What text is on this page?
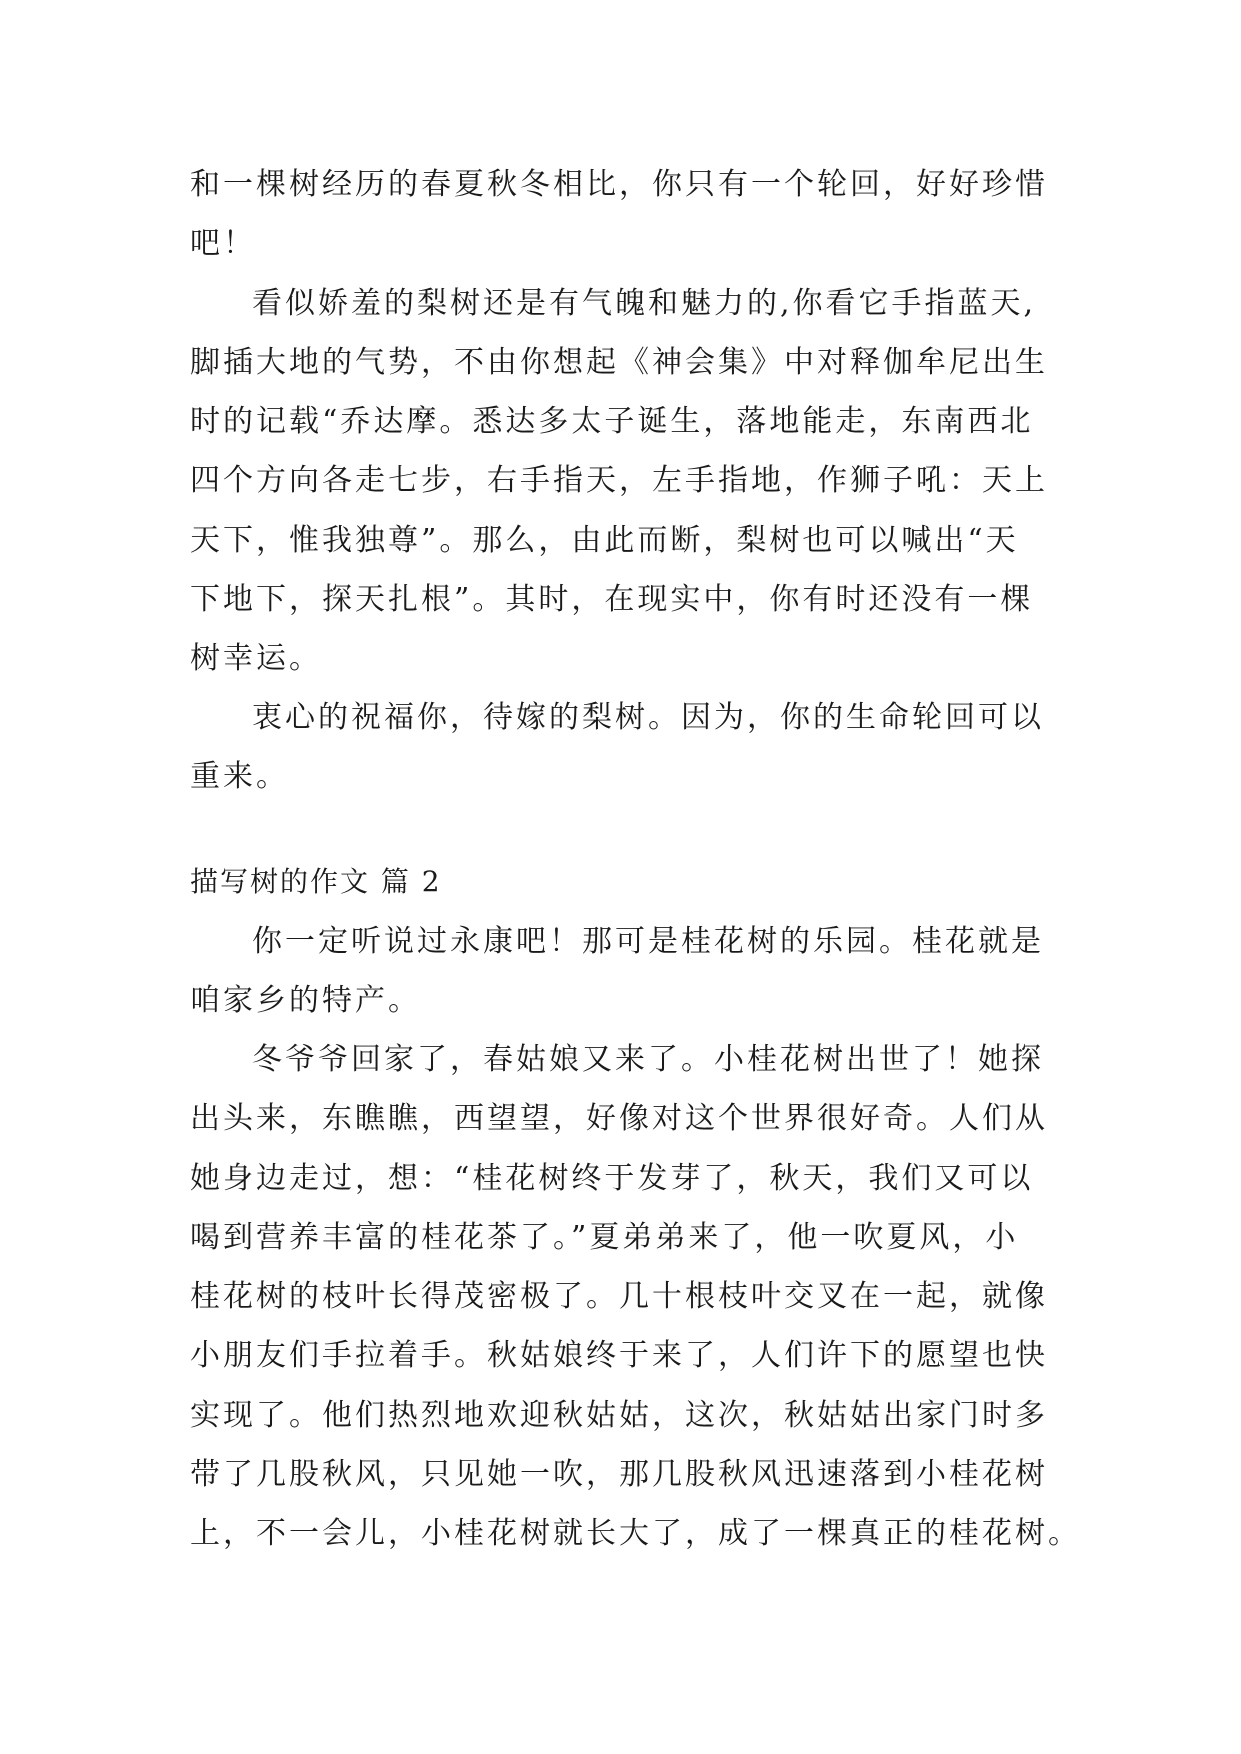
和一棵树经历的春夏秋冬相比，你只有一个轮回，好好珍惜
吧！
看似娇羞的梨树还是有气魄和魅力的,你看它手指蓝天,
脚插大地的气势，不由你想起《神会集》中对释伽牟尼出生
时的记载“乔达摩。悉达多太子诞生，落地能走，东南西北
四个方向各走七步，右手指天，左手指地，作狮子吼：天上
天下，惟我独尊”。那么，由此而断，梨树也可以喊出“天
下地下，探天扎根”。其时，在现实中，你有时还没有一棵
树幸运。
衷心的祝福你，待嫁的梨树。因为，你的生命轮回可以
重来。
描写树的作文 篇 2
你一定听说过永康吧！那可是桂花树的乐园。桂花就是
咱家乡的特产。
冬爷爷回家了，春姑娘又来了。小桂花树出世了！她探
出头来，东瞧瞧，西望望，好像对这个世界很好奇。人们从
她身边走过，想：“桂花树终于发芽了，秋天，我们又可以
喝到营养丰富的桂花茶了。”夏弟弟来了，他一吹夏风，小
桂花树的枝叶长得茂密极了。几十根枝叶交叉在一起，就像
小朋友们手拉着手。秋姑娘终于来了，人们许下的愿望也快
实现了。他们热烈地欢迎秋姑姑，这次，秋姑姑出家门时多
带了几股秋风，只见她一吹，那几股秋风迅速落到小桂花树
上，不一会儿，小桂花树就长大了，成了一棵真正的桂花树。
